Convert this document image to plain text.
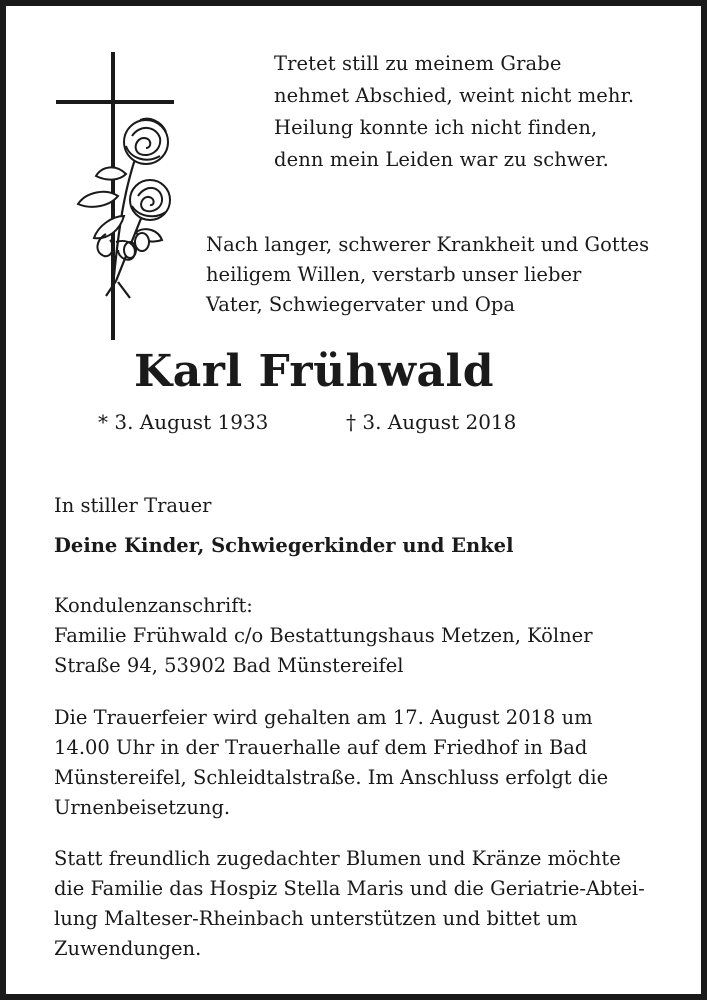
Tretet still zu meinem Grabe
nehmet Abschied, weint nicht mehr.
Heilung konnte ich nicht finden,
denn mein Leiden war zu schwer.
Nach langer, schwerer Krankheit und Gottes
heiligem Willen, verstarb unser lieber
Vater, Schwiegervater und Opa
Karl Frühwald
* 3. August 1933	† 3. August 2018
In stiller Trauer
Deine Kinder, Schwiegerkinder und Enkel
Kondulenzanschrift:
Familie Frühwald c/o Bestattungshaus Metzen, Kölner
Straße 94, 53902 Bad Münstereifel
Die Trauerfeier wird gehalten am 17. August 2018 um
14.00 Uhr in der Trauerhalle auf dem Friedhof in Bad
Münstereifel, Schleidtalstraße. Im Anschluss erfolgt die
Urnenbeisetzung.
Statt freundlich zugedachter Blumen und Kränze möchte
die Familie das Hospiz Stella Maris und die Geriatrie-Abtei-
lung Malteser-Rheinbach unterstützen und bittet um
Zuwendungen.
